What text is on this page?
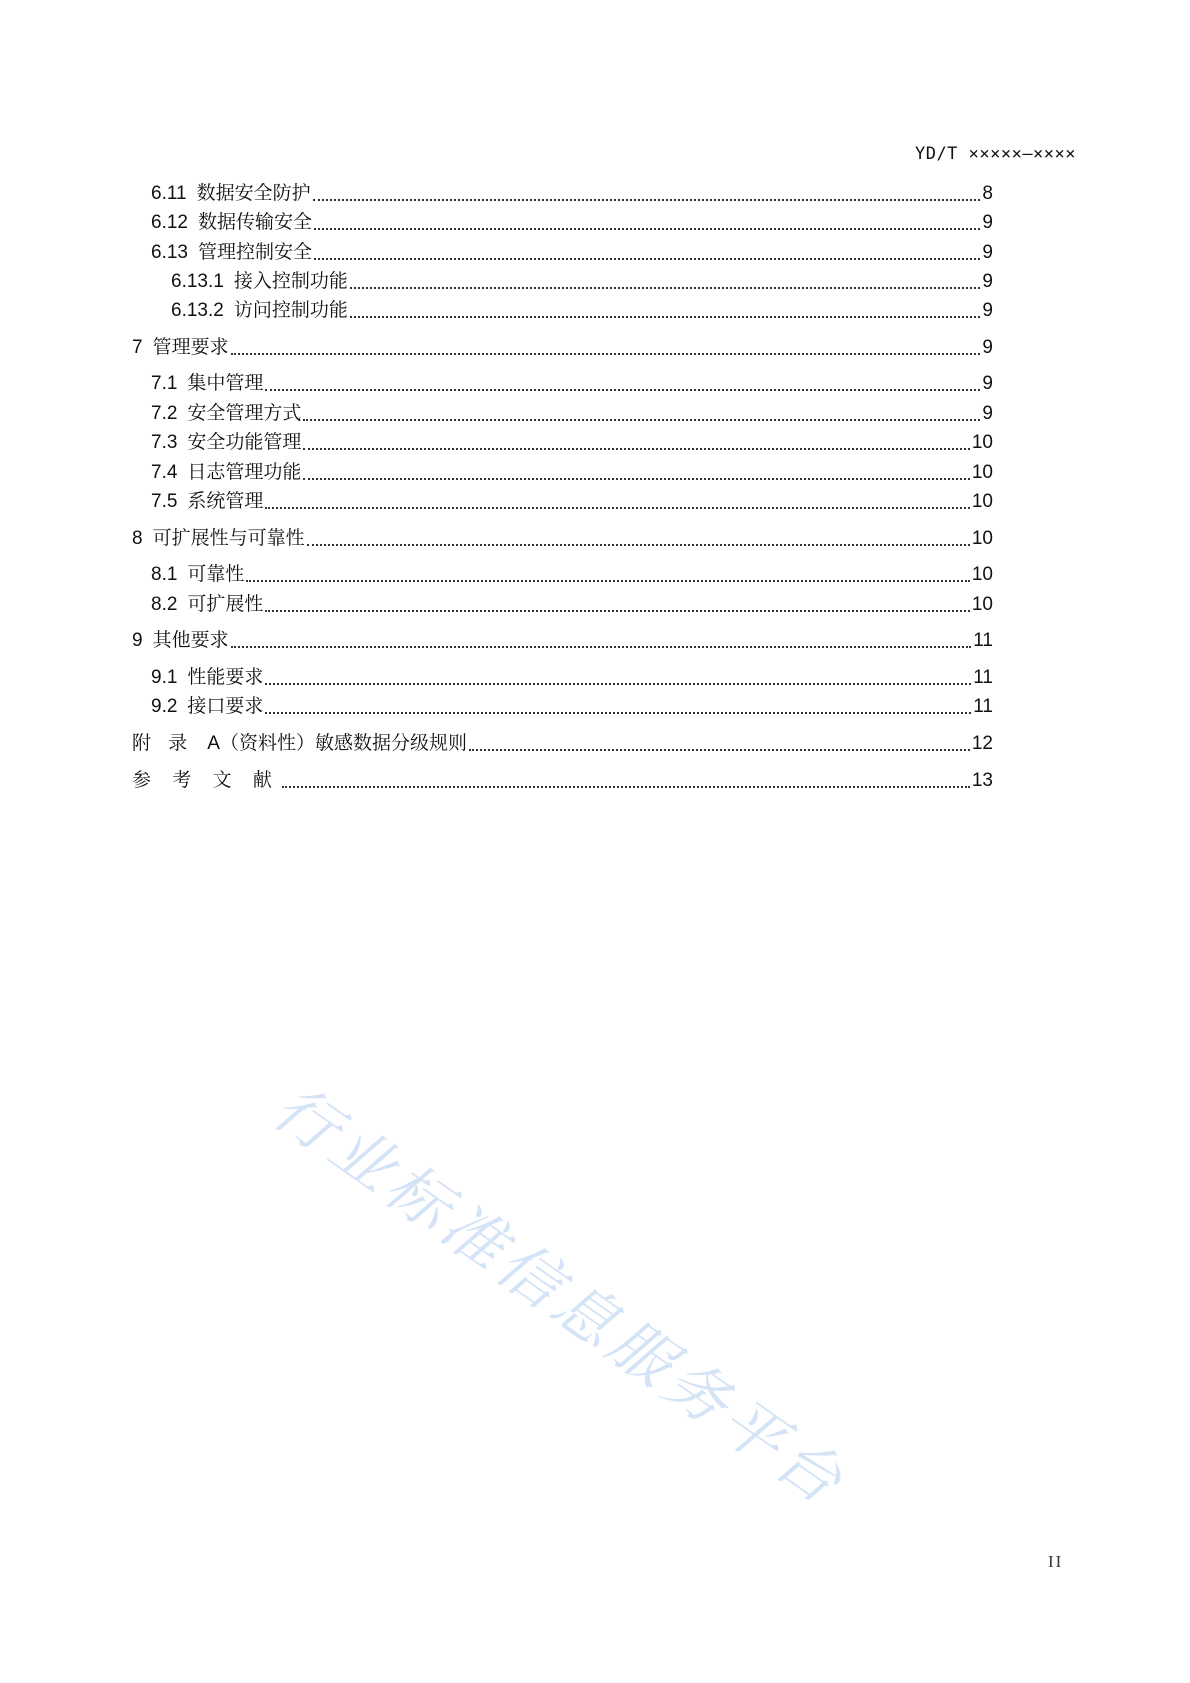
YD/T ×××××—××××
6.11 数据安全防护	8
6.12 数据传输安全	9
6.13 管理控制安全	9
6.13.1 接入控制功能	9
6.13.2 访问控制功能	9
7 管理要求	9
7.1 集中管理	9
7.2 安全管理方式	9
7.3 安全功能管理	10
7.4 日志管理功能	10
7.5 系统管理	10
8 可扩展性与可靠性	10
8.1 可靠性	10
8.2 可扩展性	10
9 其他要求	11
9.1 性能要求	11
9.2 接口要求	11
附 录 A（资料性）敏感数据分级规则	12
参 考 文 献	13
行业标准信息服务平台
II
